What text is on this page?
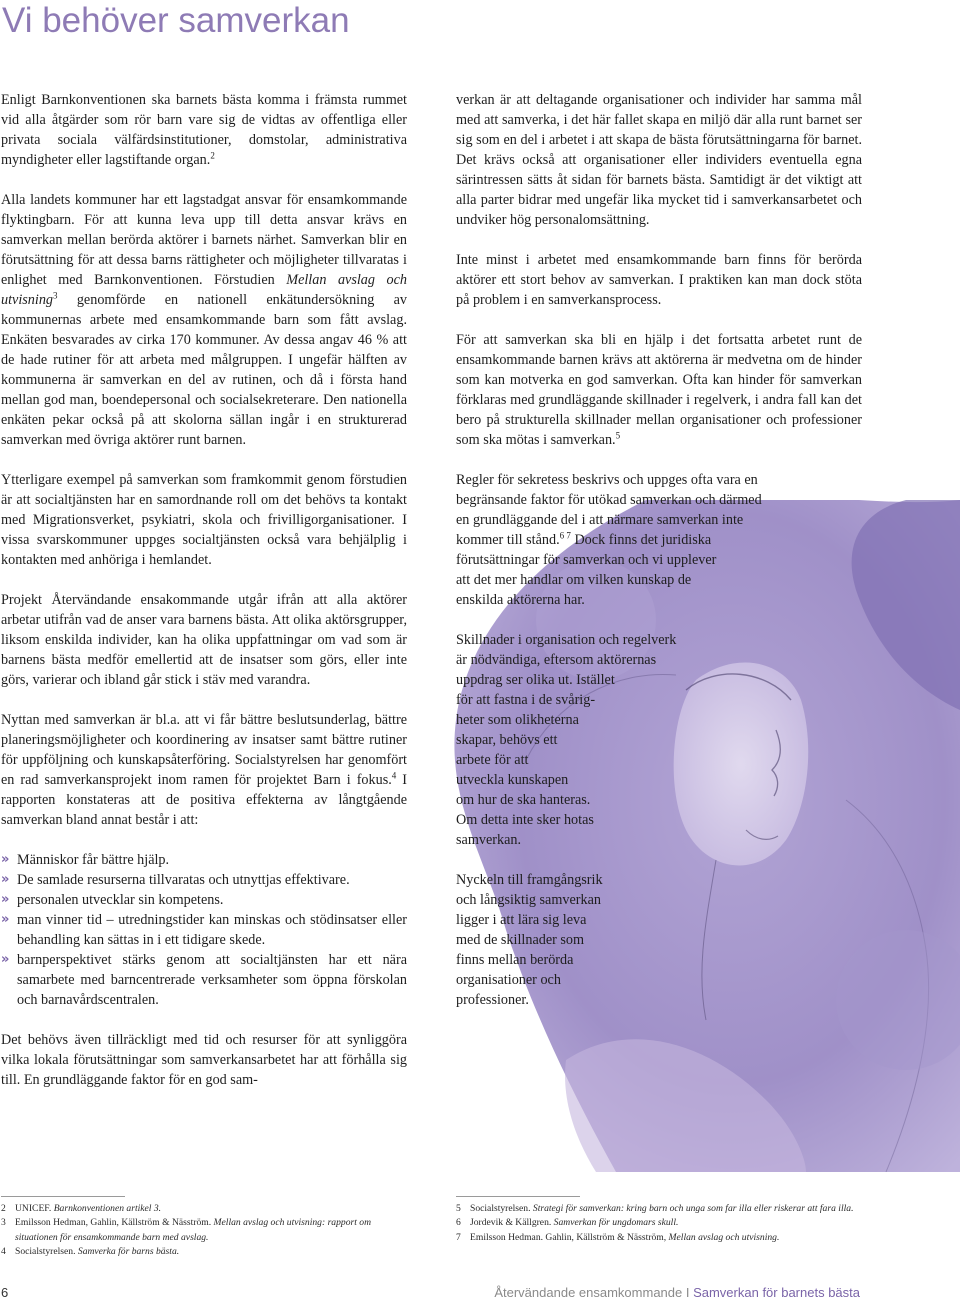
Vi behöver samverkan

Enligt Barnkonventionen ska barnets bästa komma i främsta rummet vid alla åtgärder som rör barn vare sig de vidtas av offentliga eller privata sociala välfärdsinstitutioner, domstolar, administrativa myndigheter eller lagstiftande organ.$^2$

Alla landets kommuner har ett lagstadgat ansvar för ensamkommande flyktingbarn. För att kunna leva upp till detta ansvar krävs en samverkan mellan berörda aktörer i barnets närhet. Samverkan blir en förutsättning för att dessa barns rättigheter och möjligheter tillvaratas i enlighet med Barnkonventionen. Förstudien Mellan avslag och utvisning$^3$ genomförde en nationell enkätundersökning av kommunernas arbete med ensamkommande barn som fått avslag. Enkäten besvarades av cirka 170 kommuner. Av dessa angav 46 % att de hade rutiner för att arbeta med målgruppen. I ungefär hälften av kommunerna är samverkan en del av rutinen, och då i första hand mellan god man, boendepersonal och socialsekreterare. Den nationella enkäten pekar också på att skolorna sällan ingår i en strukturerad samverkan med övriga aktörer runt barnen.

Ytterligare exempel på samverkan som framkommit genom förstudien är att socialtjänsten har en samordnande roll om det behövs ta kontakt med Migrationsverket, psykiatri, skola och frivilligorganisationer. I vissa svarskommuner uppges socialtjänsten också vara behjälplig i kontakten med anhöriga i hemlandet.

Projekt Återvändande ensakommande utgår ifrån att alla aktörer arbetar utifrån vad de anser vara barnens bästa. Att olika aktörsgrupper, liksom enskilda individer, kan ha olika uppfattningar om vad som är barnens bästa medför emellertid att de insatser som görs, eller inte görs, varierar och ibland går stick i stäv med varandra.

Nyttan med samverkan är bl.a. att vi får bättre beslutsunderlag, bättre planeringsmöjligheter och koordinering av insatser samt bättre rutiner för uppföljning och kunskapsåterföring. Socialstyrelsen har genomfört en rad samverkansprojekt inom ramen för projektet Barn i fokus.$^4$ I rapporten konstateras att de positiva effekterna av långtgående samverkan bland annat består i att:

» Människor får bättre hjälp.
» De samlade resurserna tillvaratas och utnyttjas effektivare.
» personalen utvecklar sin kompetens.
» man vinner tid – utredningstider kan minskas och stödinsatser eller behandling kan sättas in i ett tidigare skede.
» barnperspektivet stärks genom att socialtjänsten har ett nära samarbete med barncentrerade verksamheter som öppna förskolan och barnavårdscentralen.

Det behövs även tillräckligt med tid och resurser för att synliggöra vilka lokala förutsättningar som samverkansarbetet har att förhålla sig till. En grundläggande faktor för en god sam-

verkan är att deltagande organisationer och individer har samma mål med att samverka, i det här fallet skapa en miljö där alla runt barnet ser sig som en del i arbetet i att skapa de bästa förutsättningarna för barnet. Det krävs också att organisationer eller individers eventuella egna särintressen sätts åt sidan för barnets bästa. Samtidigt är det viktigt att alla parter bidrar med ungefär lika mycket tid i samverkansarbetet och undviker hög personalomsättning.

Inte minst i arbetet med ensamkommande barn finns för berörda aktörer ett stort behov av samverkan. I praktiken kan man dock stöta på problem i en samverkansprocess.

För att samverkan ska bli en hjälp i det fortsatta arbetet runt de ensamkommande barnen krävs att aktörerna är medvetna om de hinder som kan motverka en god samverkan. Ofta kan hinder för samverkan förklaras med grundläggande skillnader i regelverk, i andra fall kan det bero på strukturella skillnader mellan organisationer och professioner som ska mötas i samverkan.$^5$

Regler för sekretess beskrivs och uppges ofta vara en
begränsande faktor för utökad samverkan och därmed
en grundläggande del i att närmare samverkan inte
kommer till stånd.$^{6 7}$ Dock finns det juridiska
förutsättningar för samverkan och vi upplever
att det mer handlar om vilken kunskap de
enskilda aktörerna har.

Skillnader i organisation och regelverk
är nödvändiga, eftersom aktörernas
uppdrag ser olika ut. Istället
för att fastna i de svårig-
heter som olikheterna
skapar, behövs ett
arbete för att
utveckla kunskapen
om hur de ska hanteras.
Om detta inte sker hotas
samverkan.

Nyckeln till framgångsrik
och långsiktig samverkan
ligger i att lära sig leva
med de skillnader som
finns mellan berörda
organisationer och
professioner.

2 UNICEF. Barnkonventionen artikel 3.
3 Emilsson Hedman, Gahlin, Källström & Näsström. Mellan avslag och utvisning: rapport om situationen för ensamkommande barn med avslag.
4 Socialstyrelsen. Samverka för barns bästa.
5 Socialstyrelsen. Strategi för samverkan: kring barn och unga som far illa eller riskerar att fara illa.
6 Jordevik & Källgren. Samverkan för ungdomars skull.
7 Emilsson Hedman. Gahlin, Källström & Näsström, Mellan avslag och utvisning.
6	Återvändande ensamkommande I Samverkan för barnets bästa
